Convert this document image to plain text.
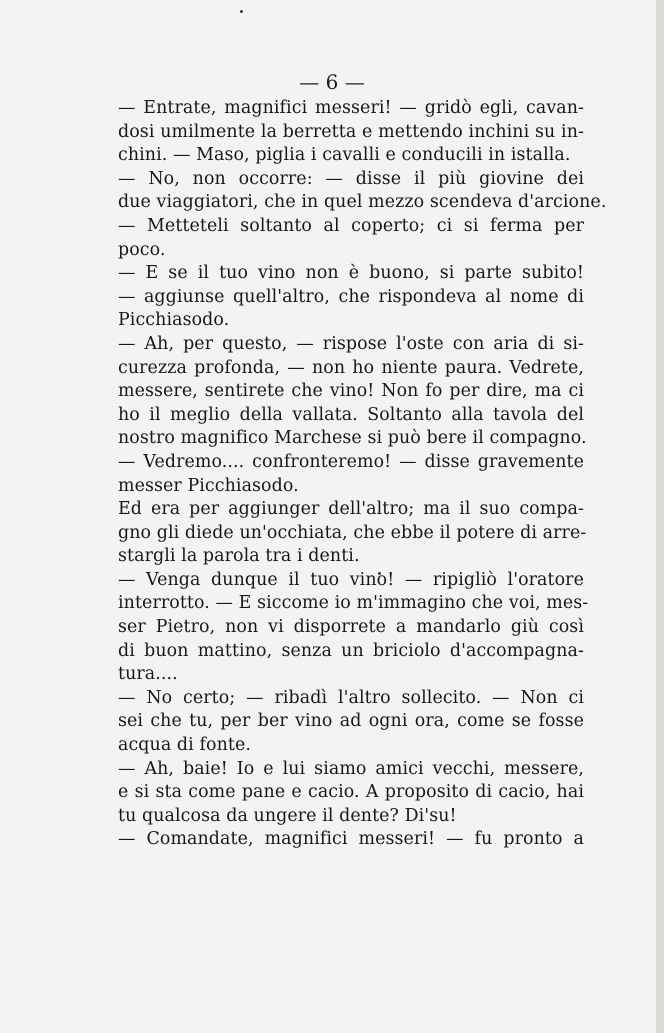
— 6 —
— Entrate, magnifici messeri! — gridò egli, cavan-
dosi umilmente la berretta e mettendo inchini su in-
chini. — Maso, piglia i cavalli e conducili in istalla.
— No, non occorre: — disse il più giovine dei
due viaggiatori, che in quel mezzo scendeva d'arcione.
— Metteteli soltanto al coperto; ci si ferma per
poco.
— E se il tuo vino non è buono, si parte subito!
— aggiunse quell'altro, che rispondeva al nome di
Picchiasodo.
— Ah, per questo, — rispose l'oste con aria di si-
curezza profonda, — non ho niente paura. Vedrete,
messere, sentirete che vino! Non fo per dire, ma ci
ho il meglio della vallata. Soltanto alla tavola del
nostro magnifico Marchese si può bere il compagno.
— Vedremo.... confronteremo! — disse gravemente
messer Picchiasodo.
Ed era per aggiunger dell'altro; ma il suo compa-
gno gli diede un'occhiata, che ebbe il potere di arre-
stargli la parola tra i denti.
— Venga dunque il tuo vino! — ripigliò l'oratore
interrotto. — E siccome io m'immagino che voi, mes-
ser Pietro, non vi disporrete a mandarlo giù così
di buon mattino, senza un briciolo d'accompagna-
tura....
— No certo; — ribadì l'altro sollecito. — Non ci
sei che tu, per ber vino ad ogni ora, come se fosse
acqua di fonte.
— Ah, baie! Io e lui siamo amici vecchi, messere,
e si sta come pane e cacio. A proposito di cacio, hai
tu qualcosa da ungere il dente? Di'su!
— Comandate, magnifici messeri! — fu pronto a
